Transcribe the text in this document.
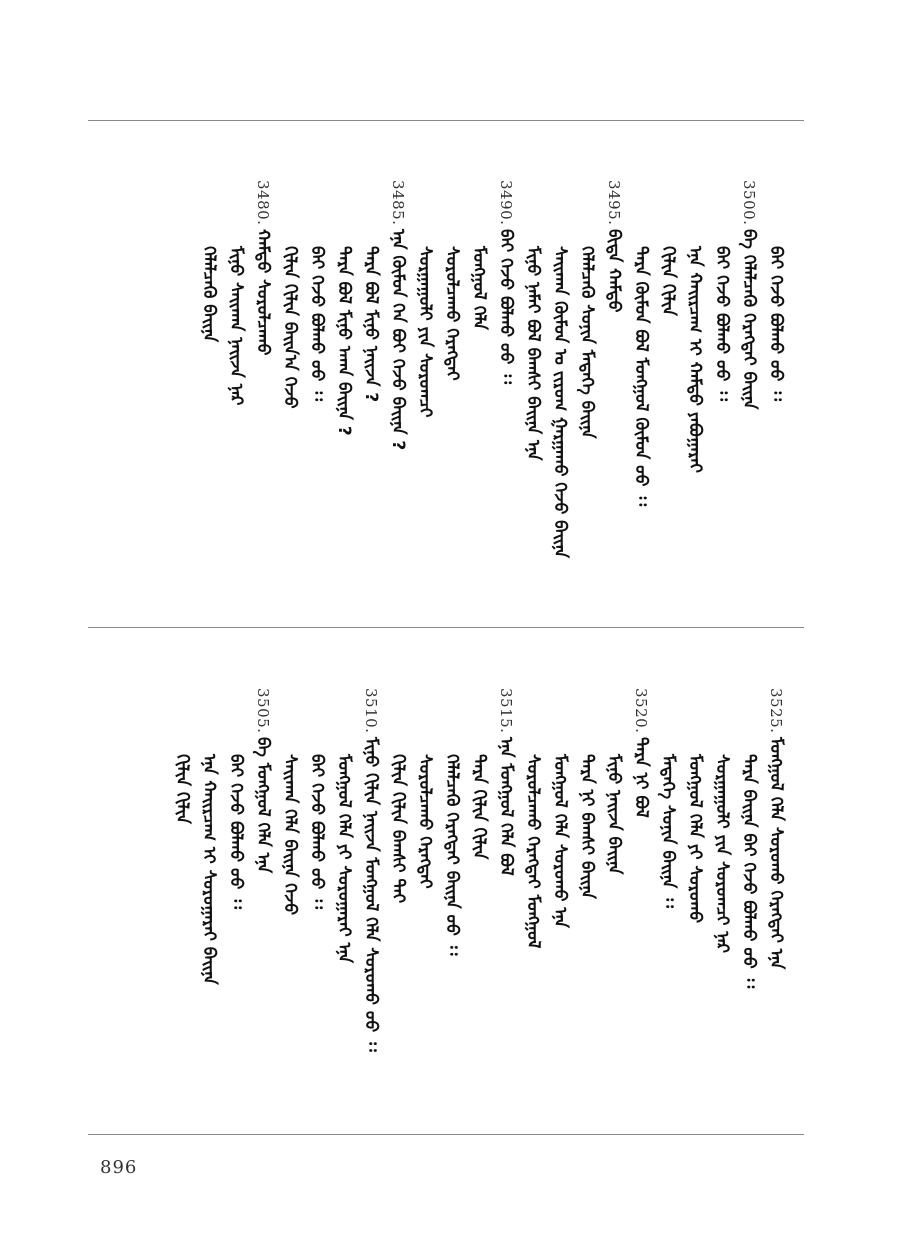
ᠪᠠᠢ ᠭᠡᠵᠦ ᠪᠣᠯᠬᠤ ᠤᠤ ᠄᠄
3500.
ᠪᠠ ᠬᠡᠯᠡᠯᠴᠡᠬᠦ ᠬᠡᠷᠡᠭᠲᠡᠢ ᠪᠠᠢᠨᠠ
ᠪᠠᠢ ᠭᠡᠵᠦ ᠪᠣᠯᠬᠤ ᠤᠤ ᠄᠄
ᠡᠨᠡ ᠬᠠᠢᠷᠴᠠᠭ ᠢ ᠬᠠᠮᠲᠤ ᠶᠠᠪᠤᠭᠠᠷᠠᠢ
ᠬᠢᠯᠢᠨ ᠬᠢᠯᠢᠨ
ᠲᠡᠷᠡ ᠬᠦᠮᠦᠨ ᠪᠣᠯ ᠮᠣᠩᠭᠣᠯ ᠬᠦᠮᠦᠨ ᠦᠦ ᠄᠄
3495.
ᠪᠢᠳᠡ ᠬᠠᠮᠲᠤ
ᠬᠡᠯᠡᠯᠴᠡᠬᠦ ᠰᠣᠨᠢᠨ ᠮᠡᠳᠡᠭᠡ ᠪᠠᠢᠨᠠ
ᠰᠠᠢᠬᠠᠨ ᠬᠦᠮᠦᠨ ᠤ ᠵᠢᠷᠤᠭ ᠭᠠᠷᠭᠠᠬᠤ ᠭᠡᠵᠦ ᠪᠠᠢᠨᠠ
ᠮᠢᠨᠤ ᠨᠠᠮᠠᠢ ᠪᠣᠯ ᠪᠠᠭᠰᠢ ᠪᠠᠢᠨᠠ ᠡᠨᠡ
3490.
ᠪᠠᠢ ᠭᠡᠵᠦ ᠪᠣᠯᠬᠤ ᠤᠤ ᠄᠄
ᠮᠣᠩᠭᠣᠯ ᠬᠡᠯᠡ
ᠰᠤᠷᠤᠯᠴᠠᠬᠤ ᠬᠡᠷᠡᠭᠲᠡᠢ
ᠰᠤᠷᠭᠠᠭᠤᠯᠢ ᠶᠢᠨ ᠰᠤᠷᠤᠭᠴᠢ
3485.
ᠡᠨᠡ ᠬᠦᠮᠦᠨ ᠬᠡᠨ ᠪᠤᠢ ᠭᠡᠵᠦ ᠪᠠᠢᠨᠠ ?
ᠲᠡᠷᠡ ᠪᠣᠯ ᠮᠢᠨᠤ ᠨᠠᠢᠵᠠ ?
ᠲᠡᠷᠡ ᠪᠣᠯ ᠮᠢᠨᠤ ᠠᠬᠠ ᠪᠠᠢᠨᠠ ?
ᠪᠠᠢ ᠭᠡᠵᠦ ᠪᠣᠯᠬᠤ ᠤᠤ ᠄᠄
ᠬᠢᠯᠢᠨ ᠬᠢᠯᠢᠨ ᠪᠠᠢᠨ᠎ᠠ ᠭᠡᠵᠦ
3480.
ᠬᠠᠮᠲᠤ ᠰᠤᠷᠤᠯᠴᠠᠬᠤ
ᠮᠢᠨᠤ ᠰᠠᠢᠬᠠᠨ ᠨᠠᠢᠵᠠ ᠨᠠᠷ
ᠬᠡᠯᠡᠯᠴᠡᠬᠦ ᠪᠠᠢᠨᠠ
3525.
ᠮᠣᠩᠭᠣᠯ ᠬᠡᠯᠡ ᠰᠤᠷᠤᠬᠤ ᠬᠡᠷᠡᠭᠲᠡᠢ ᠡᠨᠡ
ᠲᠡᠷᠡ ᠪᠠᠢᠨᠠ ᠪᠠᠢ ᠭᠡᠵᠦ ᠪᠣᠯᠬᠤ ᠤᠤ ᠄᠄
ᠰᠤᠷᠭᠠᠭᠤᠯᠢ ᠶᠢᠨ ᠰᠤᠷᠤᠭᠴᠢ ᠨᠠᠷ
ᠮᠣᠩᠭᠣᠯ ᠬᠡᠯᠡ ᠶᠢ ᠰᠤᠷᠤᠬᠤ
ᠮᠡᠳᠡᠭᠡ ᠰᠣᠨᠢᠨ ᠪᠠᠢᠨᠠ ᠄᠄
3520.
ᠲᠡᠷᠡ ᠨᠢ ᠪᠣᠯ
ᠮᠢᠨᠤ ᠨᠠᠢᠵᠠ ᠪᠠᠢᠨᠠ
ᠲᠡᠷᠡ ᠨᠢ ᠪᠠᠭᠰᠢ ᠪᠠᠢᠨᠠ
ᠮᠣᠩᠭᠣᠯ ᠬᠡᠯᠡ ᠰᠤᠷᠤᠬᠤ ᠡᠨᠡ
ᠰᠤᠷᠤᠯᠴᠠᠬᠤ ᠬᠡᠷᠡᠭᠲᠡᠢ ᠮᠣᠩᠭᠣᠯ
3515.
ᠡᠨᠡ ᠮᠣᠩᠭᠣᠯ ᠬᠡᠯᠡ ᠪᠣᠯ
ᠲᠡᠷᠡ ᠬᠢᠯᠢᠨ ᠬᠢᠯᠢᠨ
ᠬᠡᠯᠡᠯᠴᠡᠬᠦ ᠬᠡᠷᠡᠭᠲᠡᠢ ᠪᠠᠢᠨᠠ ᠤᠤ ᠄᠄
ᠰᠤᠷᠤᠯᠴᠠᠬᠤ ᠬᠡᠷᠡᠭᠲᠡᠢ
ᠬᠢᠯᠢᠨ ᠬᠢᠯᠢᠨ ᠪᠠᠭᠰᠢ ᠲᠠᠢ
3510.
ᠮᠢᠨᠤ ᠬᠢᠯᠢᠨ ᠨᠠᠢᠵᠠ ᠮᠣᠩᠭᠣᠯ ᠬᠡᠯᠡ ᠰᠤᠷᠤᠬᠤ ᠤᠤ ᠄᠄
ᠮᠣᠩᠭᠣᠯ ᠬᠡᠯᠡ ᠶᠢ ᠰᠤᠷᠤᠭᠠᠷᠠᠢ ᠡᠨᠡ
ᠪᠠᠢ ᠭᠡᠵᠦ ᠪᠣᠯᠬᠤ ᠤᠤ ᠄᠄
ᠰᠠᠢᠬᠠᠨ ᠬᠡᠯᠡ ᠪᠠᠢᠨᠠ ᠭᠡᠵᠦ
3505.
ᠪᠠ ᠮᠣᠩᠭᠣᠯ ᠬᠡᠯᠡ ᠡᠨᠡ
ᠪᠠᠢ ᠭᠡᠵᠦ ᠪᠣᠯᠬᠤ ᠤᠤ ᠄᠄
ᠡᠨᠡ ᠬᠠᠢᠷᠴᠠᠭ ᠢ ᠰᠤᠷᠤᠭᠠᠷᠠᠢ ᠪᠠᠢᠨᠠ
ᠬᠢᠯᠢᠨ ᠬᠢᠯᠢᠨ
896
